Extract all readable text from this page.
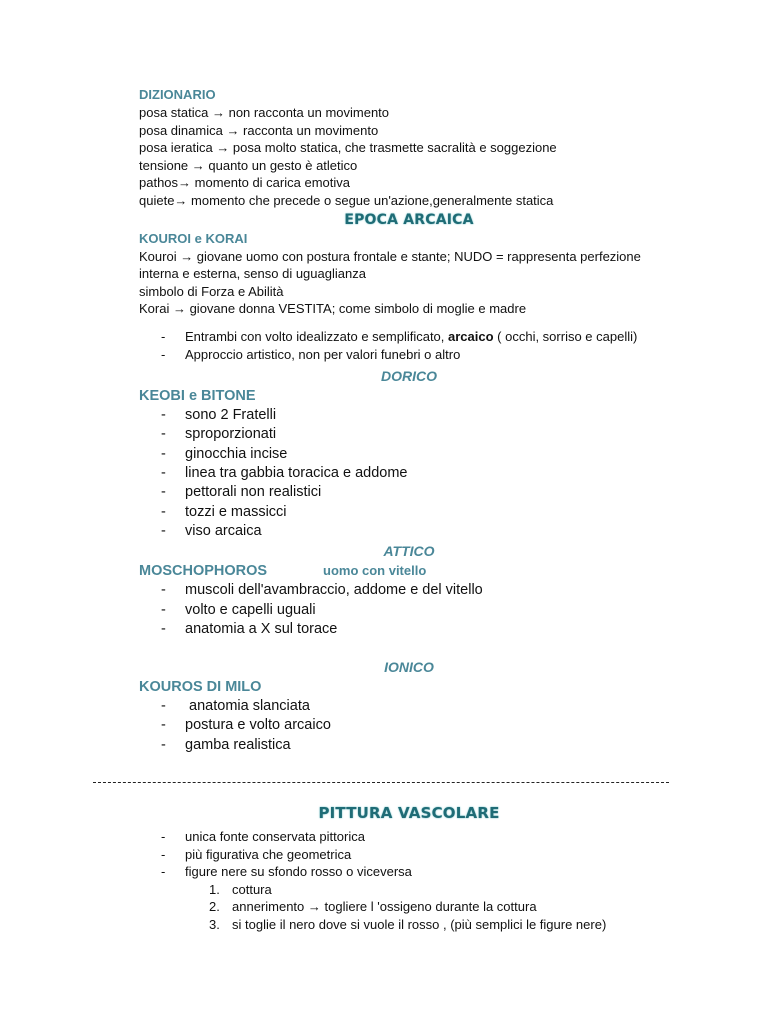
DIZIONARIO

posa statica → non racconta un movimento

posa dinamica → racconta un movimento

posa ieratica → posa molto statica, che trasmette sacralità e soggezione

tensione → quanto un gesto è atletico

pathos→ momento di carica emotiva

quiete→ momento che precede o segue un'azione,generalmente statica

EPOCA ARCAICA
KOUROI e KORAI

Kouroi → giovane uomo con postura frontale e stante; NUDO = rappresenta perfezione interna e esterna, senso di uguaglianza

simbolo di Forza e Abilità

Korai → giovane donna VESTITA; come simbolo di moglie e madre

- Entrambi con volto idealizzato e semplificato, arcaico ( occhi, sorriso e capelli)
- Approccio artistico, non per valori funebri o altro
DORICO
KEOBI e BITONE
- sono 2 Fratelli
- sproporzionati
- ginocchia incise
- linea tra gabbia toracica e addome
- pettorali non realistici
- tozzi e massicci
- viso arcaica
ATTICO
MOSCHOPHOROS	uomo con vitello
- muscoli dell'avambraccio, addome e del vitello
- volto e capelli uguali
- anatomia a X sul torace
IONICO
KOUROS DI MILO
-  anatomia slanciata
- postura e volto arcaico
- gamba realistica
PITTURA VASCOLARE
- unica fonte conservata pittorica
- più figurativa che geometrica
- figure nere su sfondo rosso o viceversa
1. cottura
2. annerimento → togliere l 'ossigeno durante la cottura
3. si toglie il nero dove si vuole il rosso , (più semplici le figure nere)
